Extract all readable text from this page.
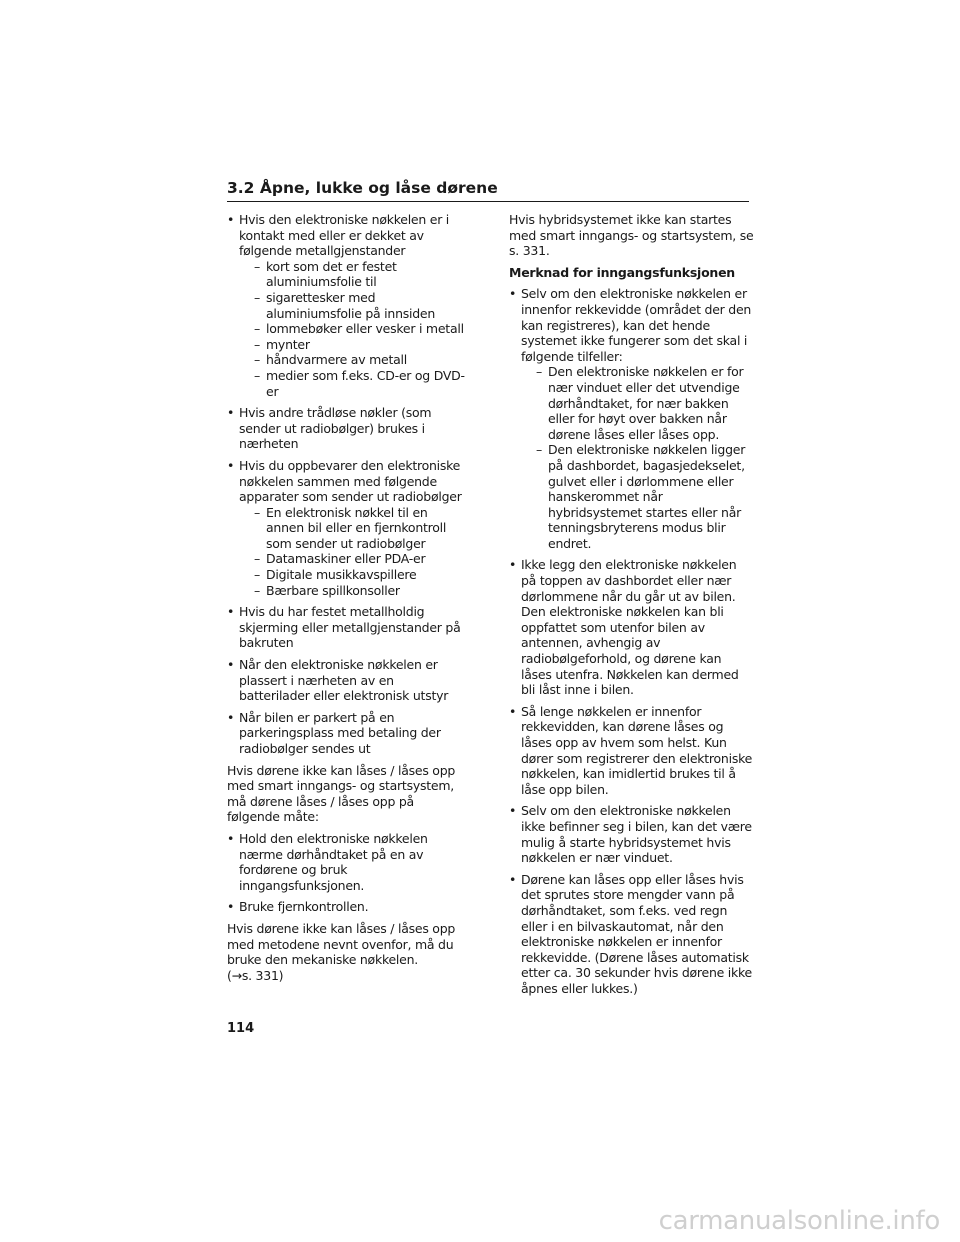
3.2 Åpne, lukke og låse dørene
• Hvis den elektroniske nøkkelen er i kontakt med eller er dekket av følgende metallgjenstander
– kort som det er festet aluminiumsfolie til
– sigarettesker med aluminiumsfolie på innsiden
– lommebøker eller vesker i metall
– mynter
– håndvarmere av metall
– medier som f.eks. CD-er og DVD-er
• Hvis andre trådløse nøkler (som sender ut radiobølger) brukes i nærheten
• Hvis du oppbevarer den elektroniske nøkkelen sammen med følgende apparater som sender ut radiobølger
– En elektronisk nøkkel til en annen bil eller en fjernkontroll som sender ut radiobølger
– Datamaskiner eller PDA-er
– Digitale musikkavspillere
– Bærbare spillkonsoller
• Hvis du har festet metallholdig skjerming eller metallgjenstander på bakruten
• Når den elektroniske nøkkelen er plassert i nærheten av en batterilader eller elektronisk utstyr
• Når bilen er parkert på en parkeringsplass med betaling der radiobølger sendes ut

Hvis dørene ikke kan låses / låses opp med smart inngangs- og startsystem, må dørene låses / låses opp på følgende måte:

• Hold den elektroniske nøkkelen nærme dørhåndtaket på en av fordørene og bruk inngangsfunksjonen.
• Bruke fjernkontrollen.

Hvis dørene ikke kan låses / låses opp med metodene nevnt ovenfor, må du bruke den mekaniske nøkkelen.
(→s. 331)

Hvis hybridsystemet ikke kan startes med smart inngangs- og startsystem, se s. 331.

Merknad for inngangsfunksjonen

• Selv om den elektroniske nøkkelen er innenfor rekkevidde (området der den kan registreres), kan det hende systemet ikke fungerer som det skal i følgende tilfeller:
– Den elektroniske nøkkelen er for nær vinduet eller det utvendige dørhåndtaket, for nær bakken eller for høyt over bakken når dørene låses eller låses opp.
– Den elektroniske nøkkelen ligger på dashbordet, bagasjedekselet, gulvet eller i dørlommene eller hanskerommet når hybridsystemet startes eller når tenningsbryterens modus blir endret.
• Ikke legg den elektroniske nøkkelen på toppen av dashbordet eller nær dørlommene når du går ut av bilen. Den elektroniske nøkkelen kan bli oppfattet som utenfor bilen av antennen, avhengig av radiobølgeforhold, og dørene kan låses utenfra. Nøkkelen kan dermed bli låst inne i bilen.
• Så lenge nøkkelen er innenfor rekkevidden, kan dørene låses og låses opp av hvem som helst. Kun dører som registrerer den elektroniske nøkkelen, kan imidlertid brukes til å låse opp bilen.
• Selv om den elektroniske nøkkelen ikke befinner seg i bilen, kan det være mulig å starte hybridsystemet hvis nøkkelen er nær vinduet.
• Dørene kan låses opp eller låses hvis det sprutes store mengder vann på dørhåndtaket, som f.eks. ved regn eller i en bilvaskautomat, når den elektroniske nøkkelen er innenfor rekkevidde. (Dørene låses automatisk etter ca. 30 sekunder hvis dørene ikke åpnes eller lukkes.)
114
carmanualsonline.info
